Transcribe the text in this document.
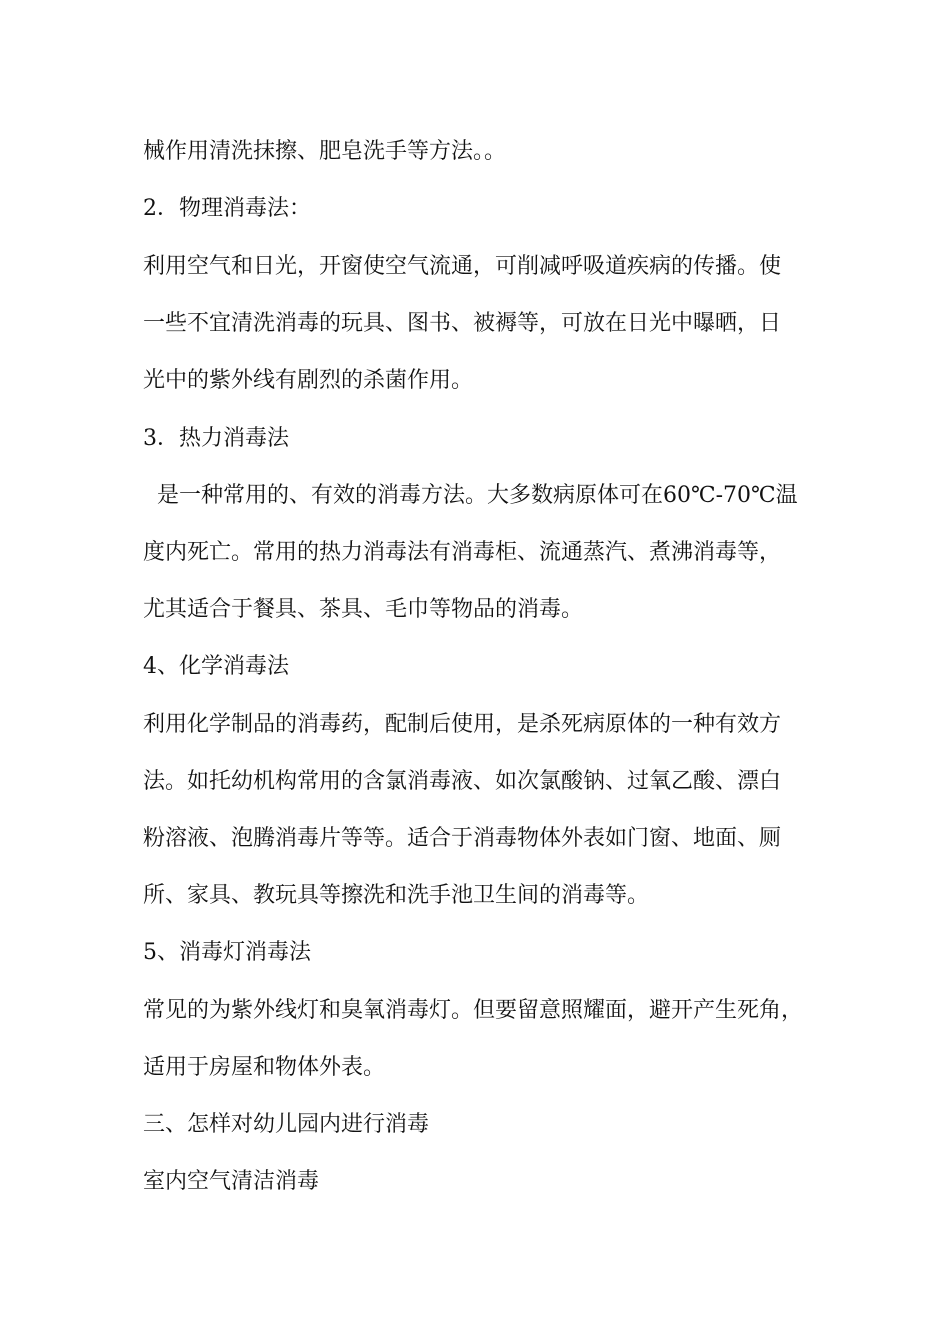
械作用清洗抹擦、肥皂洗手等方法。。
2．物理消毒法：
利用空气和日光，开窗使空气流通，可削减呼吸道疾病的传播。使
一些不宜清洗消毒的玩具、图书、被褥等，可放在日光中曝晒，日
光中的紫外线有剧烈的杀菌作用。
3．热力消毒法
是一种常用的、有效的消毒方法。大多数病原体可在60℃-70℃温
度内死亡。常用的热力消毒法有消毒柜、流通蒸汽、煮沸消毒等，
尤其适合于餐具、茶具、毛巾等物品的消毒。
4、化学消毒法
利用化学制品的消毒药，配制后使用，是杀死病原体的一种有效方
法。如托幼机构常用的含氯消毒液、如次氯酸钠、过氧乙酸、漂白
粉溶液、泡腾消毒片等等。适合于消毒物体外表如门窗、地面、厕
所、家具、教玩具等擦洗和洗手池卫生间的消毒等。
5、消毒灯消毒法
常见的为紫外线灯和臭氧消毒灯。但要留意照耀面，避开产生死角，
适用于房屋和物体外表。
三、怎样对幼儿园内进行消毒
室内空气清洁消毒
